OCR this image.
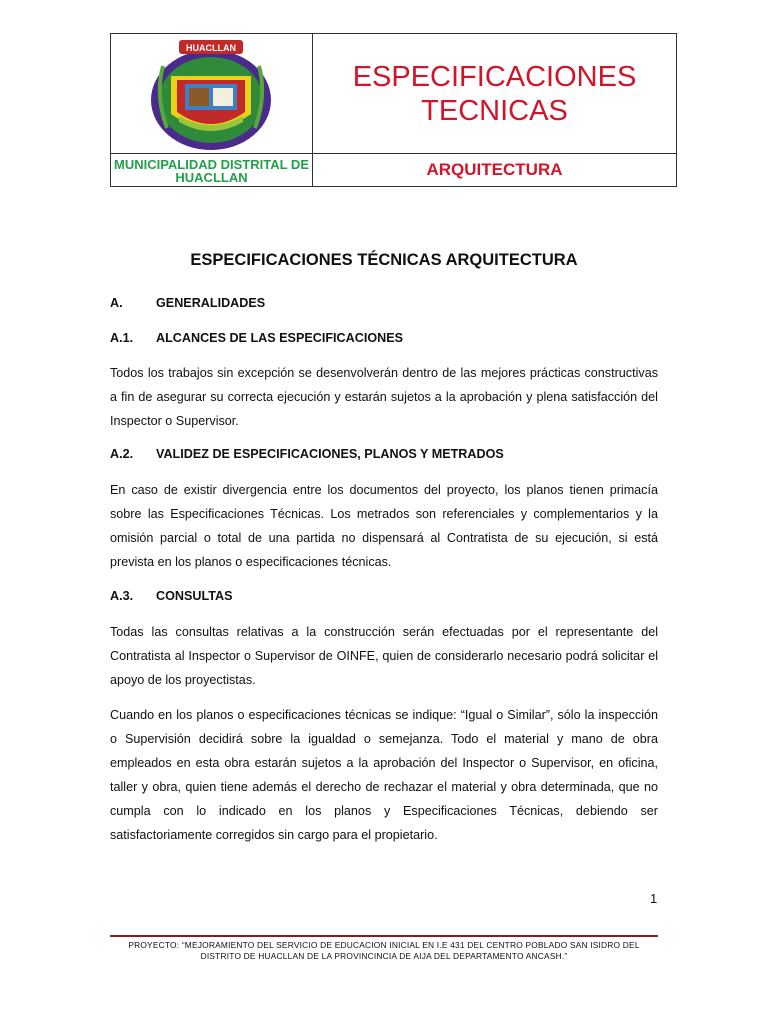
HUACLLAN
ESPECIFICACIONES
TECNICAS
MUNICIPALIDAD DISTRITAL DE HUACLLAN	ARQUITECTURA
ESPECIFICACIONES TÉCNICAS ARQUITECTURA
A.	GENERALIDADES
A.1. ALCANCES DE LAS ESPECIFICACIONES
Todos los trabajos sin excepción se desenvolverán dentro de las mejores prácticas constructivas a fin de asegurar su correcta ejecución y estarán sujetos a la aprobación y plena satisfacción del Inspector o Supervisor.
A.2. VALIDEZ DE ESPECIFICACIONES, PLANOS Y METRADOS
En caso de existir divergencia entre los documentos del proyecto, los planos tienen primacía sobre las Especificaciones Técnicas. Los metrados son referenciales y complementarios y la omisión parcial o total de una partida no dispensará al Contratista de su ejecución, si está prevista en los planos o especificaciones técnicas.
A.3. CONSULTAS
Todas las consultas relativas a la construcción serán efectuadas por el representante del Contratista al Inspector o Supervisor de OINFE, quien de considerarlo necesario podrá solicitar el apoyo de los proyectistas.
Cuando en los planos o especificaciones técnicas se indique: “Igual o Similar”, sólo la inspección o Supervisión decidirá sobre la igualdad o semejanza. Todo el material y mano de obra empleados en esta obra estarán sujetos a la aprobación del Inspector o Supervisor, en oficina, taller y obra, quien tiene además el derecho de rechazar el material y obra determinada, que no cumpla con lo indicado en los planos y Especificaciones Técnicas, debiendo ser satisfactoriamente corregidos sin cargo para el propietario.
1
PROYECTO: “MEJORAMIENTO DEL SERVICIO DE EDUCACION INICIAL EN I.E 431 DEL CENTRO POBLADO SAN ISIDRO DEL DISTRITO DE HUACLLAN DE LA PROVINCINCIA DE AIJA DEL DEPARTAMENTO ANCASH.”
